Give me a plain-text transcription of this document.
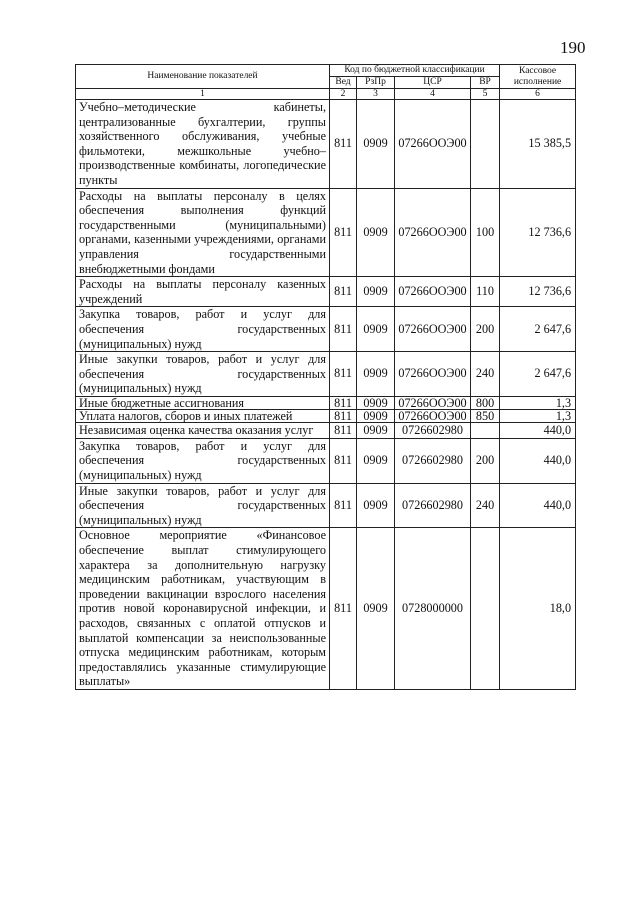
190
Наименование показателей	Код по бюджетной классификации				Кассовое исполнение
	Вед	РзПр	ЦСР	ВР	
1	2	3	4	5	6
Учебно–методические кабинеты, централизованные бухгалтерии, группы хозяйственного обслуживания, учебные фильмотеки, межшкольные учебно–производственные комбинаты, логопедические пункты	811	0909	07266ООЭ00		15 385,5
Расходы на выплаты персоналу в целях обеспечения выполнения функций государственными (муниципальными) органами, казенными учреждениями, органами управления государственными внебюджетными фондами	811	0909	07266ООЭ00	100	12 736,6
Расходы на выплаты персоналу казенных учреждений	811	0909	07266ООЭ00	110	12 736,6
Закупка товаров, работ и услуг для обеспечения государственных (муниципальных) нужд	811	0909	07266ООЭ00	200	2 647,6
Иные закупки товаров, работ и услуг для обеспечения государственных (муниципальных) нужд	811	0909	07266ООЭ00	240	2 647,6
Иные бюджетные ассигнования	811	0909	07266ООЭ00	800	1,3
Уплата налогов, сборов и иных платежей	811	0909	07266ООЭ00	850	1,3
Независимая оценка качества оказания услуг	811	0909	0726602980		440,0
Закупка товаров, работ и услуг для обеспечения государственных (муниципальных) нужд	811	0909	0726602980	200	440,0
Иные закупки товаров, работ и услуг для обеспечения государственных (муниципальных) нужд	811	0909	0726602980	240	440,0
Основное мероприятие «Финансовое обеспечение выплат стимулирующего характера за дополнительную нагрузку медицинским работникам, участвующим в проведении вакцинации взрослого населения против новой коронавирусной инфекции, и расходов, связанных с оплатой отпусков и выплатой компенсации за неиспользованные отпуска медицинским работникам, которым предоставлялись указанные стимулирующие выплаты»	811	0909	0728000000		18,0
